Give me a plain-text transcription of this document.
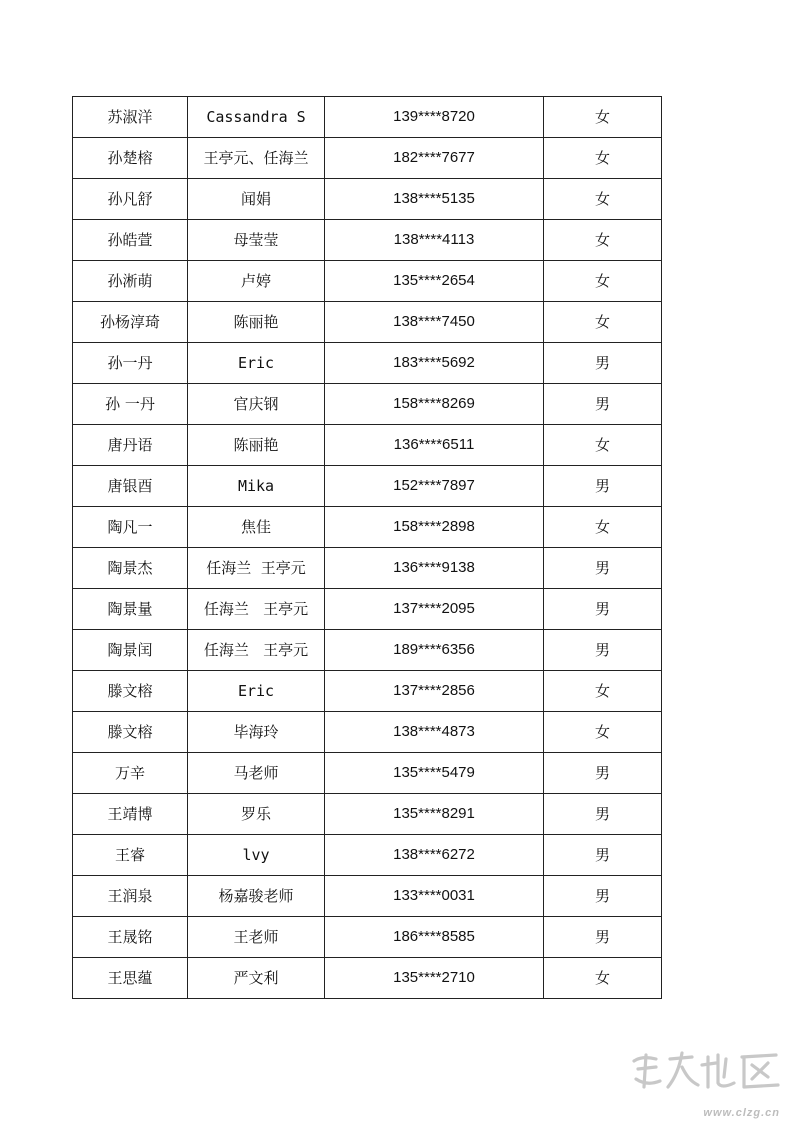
苏淑洋	Cassandra S	139****8720	女
孙楚榕	王亭元、任海兰	182****7677	女
孙凡舒	闻娟	138****5135	女
孙皓萱	母莹莹	138****4113	女
孙淅萌	卢婷	135****2654	女
孙杨淳琦	陈丽艳	138****7450	女
孙一丹	Eric	183****5692	男
孙 一丹	官庆钢	158****8269	男
唐丹语	陈丽艳	136****6511	女
唐银酉	Mika	152****7897	男
陶凡一	焦佳	158****2898	女
陶景杰	任海兰  王亭元	136****9138	男
陶景量	任海兰   王亭元	137****2095	男
陶景闰	任海兰   王亭元	189****6356	男
滕文榕	Eric	137****2856	女
滕文榕	毕海玲	138****4873	女
万辛	马老师	135****5479	男
王靖博	罗乐	135****8291	男
王睿	lvy	138****6272	男
王润泉	杨嘉骏老师	133****0031	男
王晟铭	王老师	186****8585	男
王思蕴	严文利	135****2710	女
www.clzg.cn
